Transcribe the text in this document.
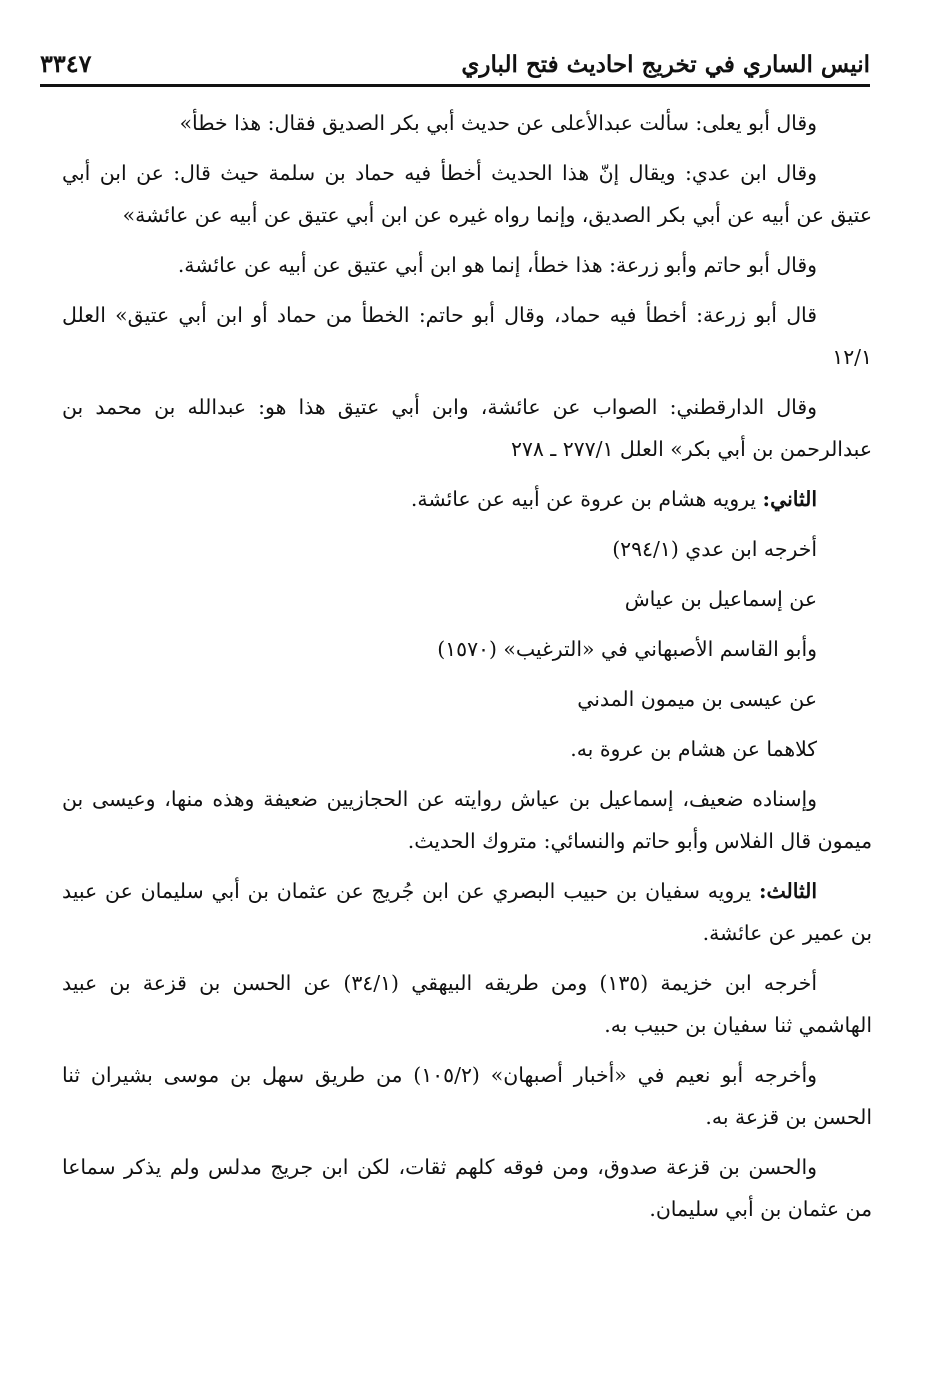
انيس الساري في تخريج احاديث فتح الباري
٣٣٤٧

وقال أبو يعلى: سألت عبدالأعلى عن حديث أبي بكر الصديق فقال: هذا خطأ»

وقال ابن عدي: ويقال إنّ هذا الحديث أخطأ فيه حماد بن سلمة حيث قال: عن ابن أبي عتيق عن أبيه عن أبي بكر الصديق، وإنما رواه غيره عن ابن أبي عتيق عن أبيه عن عائشة»

وقال أبو حاتم وأبو زرعة: هذا خطأ، إنما هو ابن أبي عتيق عن أبيه عن عائشة.

قال أبو زرعة: أخطأ فيه حماد، وقال أبو حاتم: الخطأ من حماد أو ابن أبي عتيق» العلل ١٢/١

وقال الدارقطني: الصواب عن عائشة، وابن أبي عتيق هذا هو: عبدالله بن محمد بن عبدالرحمن بن أبي بكر» العلل ٢٧٧/١ ـ ٢٧٨

الثاني: يرويه هشام بن عروة عن أبيه عن عائشة.

أخرجه ابن عدي (٢٩٤/١)

عن إسماعيل بن عياش

وأبو القاسم الأصبهاني في «الترغيب» (١٥٧٠)

عن عيسى بن ميمون المدني

كلاهما عن هشام بن عروة به.

وإسناده ضعيف، إسماعيل بن عياش روايته عن الحجازيين ضعيفة وهذه منها، وعيسى بن ميمون قال الفلاس وأبو حاتم والنسائي: متروك الحديث.

الثالث: يرويه سفيان بن حبيب البصري عن ابن جُريج عن عثمان بن أبي سليمان عن عبيد بن عمير عن عائشة.

أخرجه ابن خزيمة (١٣٥) ومن طريقه البيهقي (٣٤/١) عن الحسن بن قزعة بن عبيد الهاشمي ثنا سفيان بن حبيب به.

وأخرجه أبو نعيم في «أخبار أصبهان» (١٠٥/٢) من طريق سهل بن موسى بشيران ثنا الحسن بن قزعة به.

والحسن بن قزعة صدوق، ومن فوقه كلهم ثقات، لكن ابن جريج مدلس ولم يذكر سماعا من عثمان بن أبي سليمان.
